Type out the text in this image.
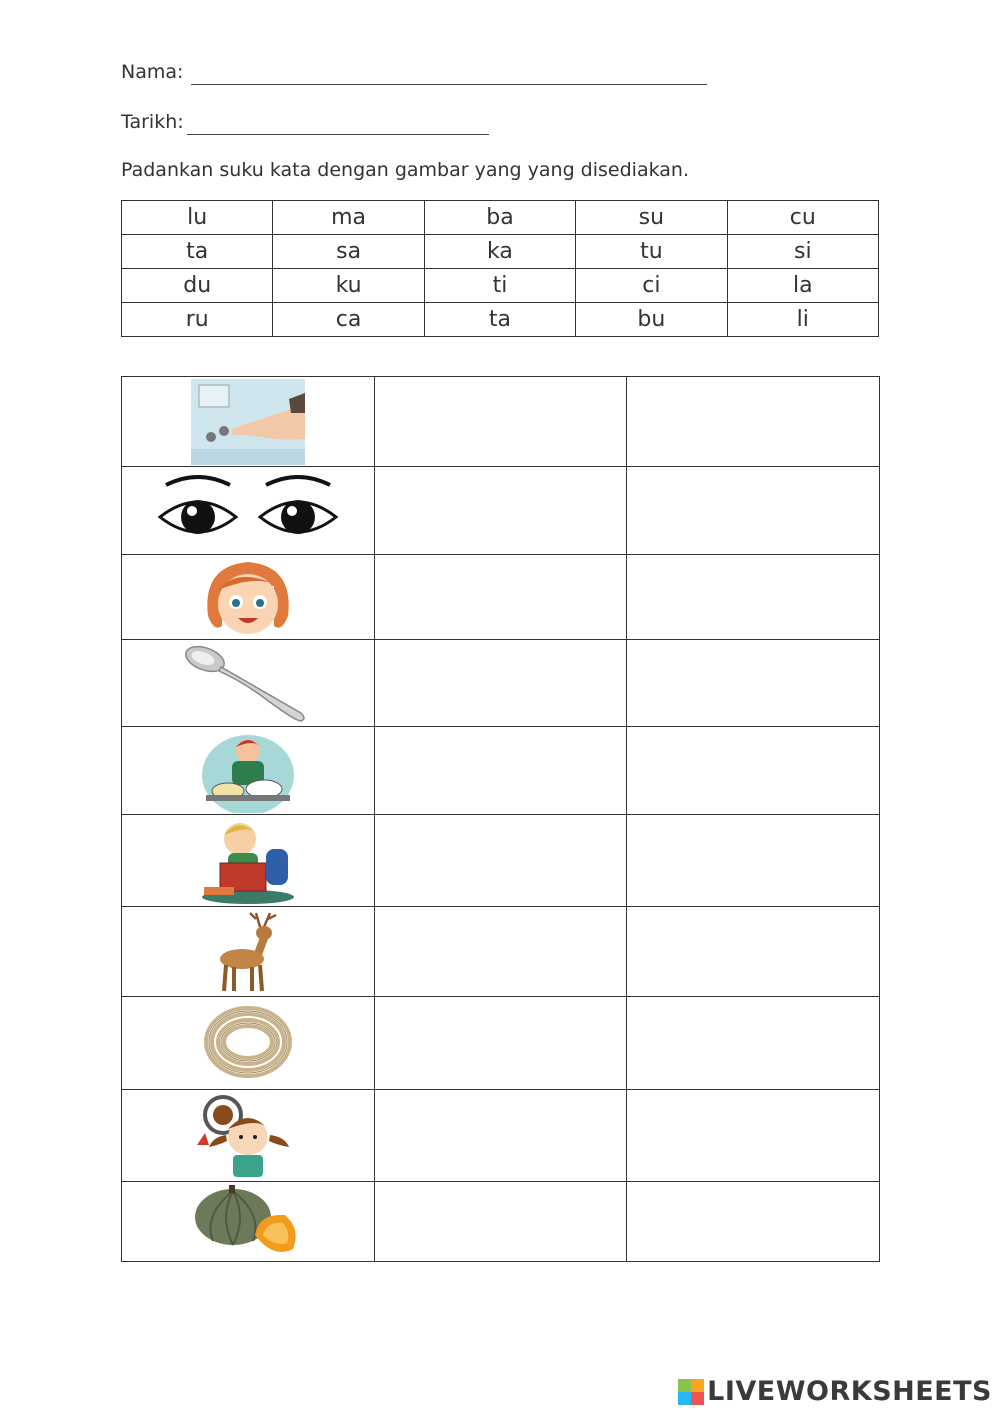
Nama:
Tarikh:
Padankan suku kata dengan gambar yang yang disediakan.
lu	ma	ba	su	cu
ta	sa	ka	tu	si
du	ku	ti	ci	la
ru	ca	ta	bu	li

LIVEWORKSHEETS
